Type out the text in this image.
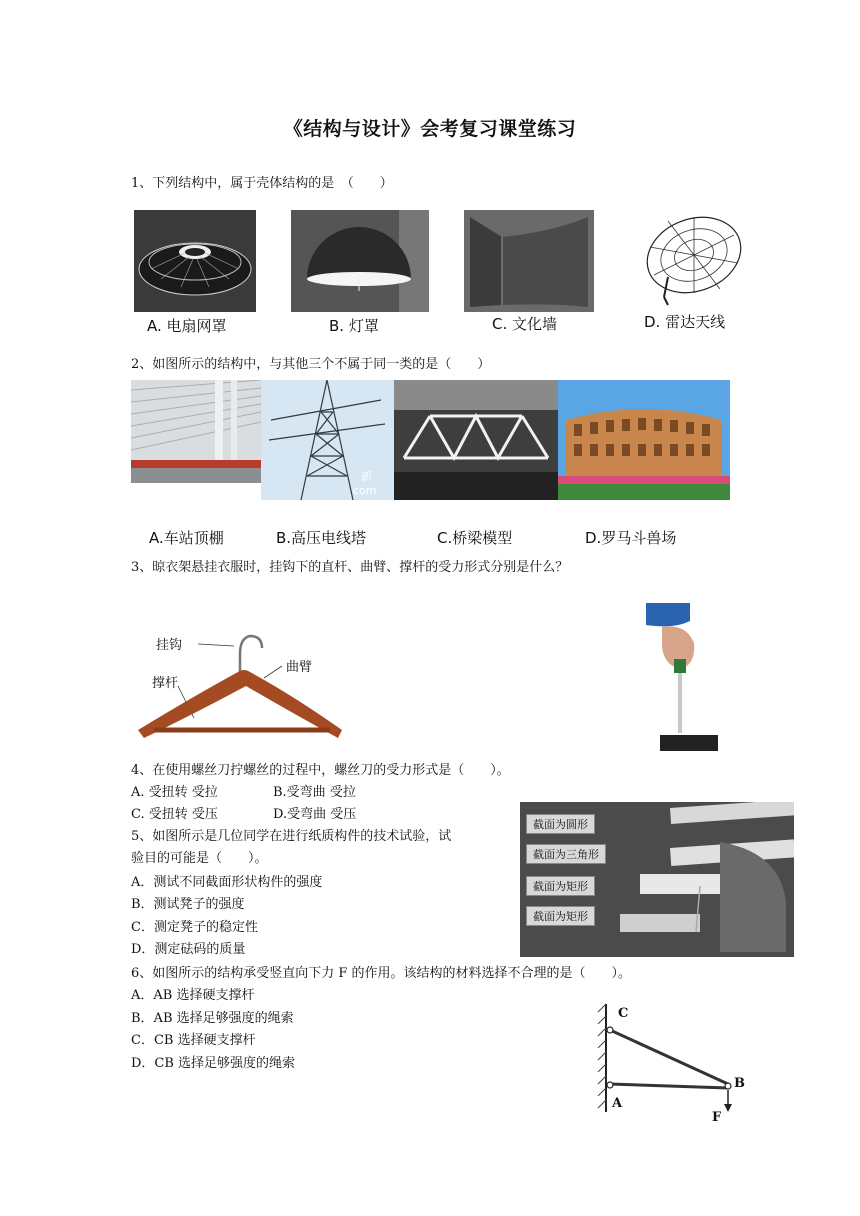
《结构与设计》会考复习课堂练习
1、下列结构中，属于壳体结构的是　（　　）
A. 电扇网罩	B. 灯罩	C. 文化墙	D. 雷达天线
2、如图所示的结构中，与其他三个不属于同一类的是（　　）
新
com
A.车站顶棚	B.高压电线塔	C.桥梁模型	D.罗马斗兽场
3、晾衣架悬挂衣服时，挂钩下的直杆、曲臂、撑杆的受力形式分别是什么？
挂钩
曲臂
撑杆
4、在使用螺丝刀拧螺丝的过程中，螺丝刀的受力形式是（　　）。
A. 受扭转 受拉	B.受弯曲 受拉
C. 受扭转 受压	D.受弯曲 受压
5、如图所示是几位同学在进行纸质构件的技术试验，试
验目的可能是（　　）。
A．测试不同截面形状构件的强度
B．测试凳子的强度
C．测定凳子的稳定性
D．测定砝码的质量
截面为圆形
截面为三角形
截面为矩形
截面为矩形
6、如图所示的结构承受竖直向下力 F 的作用。该结构的材料选择不合理的是（　　）。
A．AB 选择硬支撑杆
B．AB 选择足够强度的绳索
C．CB 选择硬支撑杆
D．CB 选择足够强度的绳索
C
A
B
F
